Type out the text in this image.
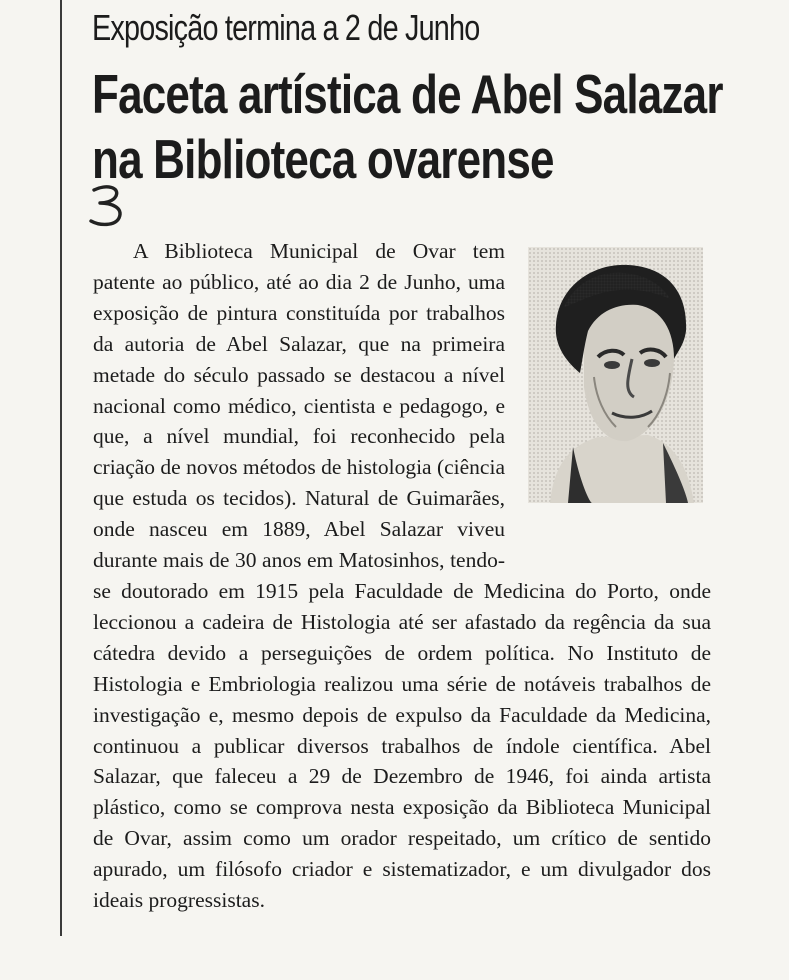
Exposição termina a 2 de Junho
Faceta artística de Abel Salazar
na Biblioteca ovarense

A Biblioteca Municipal de Ovar tem patente ao público, até ao dia 2 de Junho, uma exposição de pintura constituída por trabalhos da autoria de Abel Salazar, que na primeira metade do século passado se destacou a nível nacional como médico, cientista e pedagogo, e que, a nível mundial, foi reconhecido pela criação de novos métodos de histologia (ciência que estuda os tecidos). Natural de Guimarães, onde nasceu em 1889, Abel Salazar viveu durante mais de 30 anos em Matosinhos, tendo-se doutorado em 1915 pela Faculdade de Medicina do Porto, onde leccionou a cadeira de Histologia até ser afastado da regência da sua cátedra devido a perseguições de ordem política. No Instituto de Histologia e Embriologia realizou uma série de notáveis trabalhos de investigação e, mesmo depois de expulso da Faculdade da Medicina, continuou a publicar diversos trabalhos de índole científica. Abel Salazar, que faleceu a 29 de Dezembro de 1946, foi ainda artista plástico, como se comprova nesta exposição da Biblioteca Municipal de Ovar, assim como um orador respeitado, um crítico de sentido apurado, um filósofo criador e sistematizador, e um divulgador dos ideais progressistas.
